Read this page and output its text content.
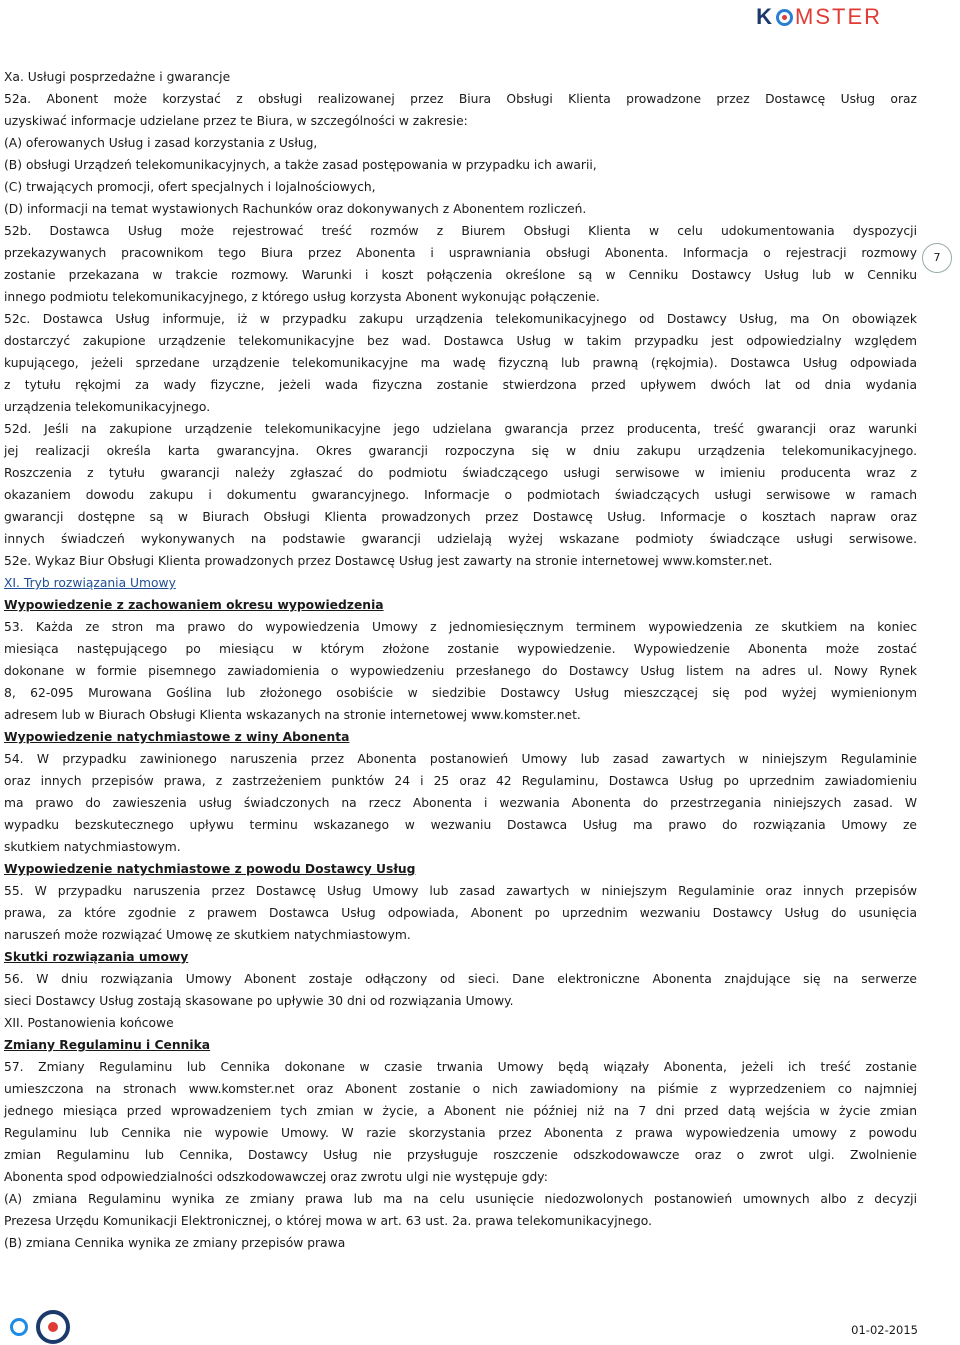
K MSTER
Xa. Usługi posprzedażne i gwarancje
52a. Abonent może korzystać z obsługi realizowanej przez Biura Obsługi Klienta prowadzone przez Dostawcę Usług oraz
uzyskiwać informacje udzielane przez te Biura, w szczególności w zakresie:
(A) oferowanych Usług i zasad korzystania z Usług,
(B) obsługi Urządzeń telekomunikacyjnych, a także zasad postępowania w przypadku ich awarii,
(C) trwających promocji, ofert specjalnych i lojalnościowych,
(D) informacji na temat wystawionych Rachunków oraz dokonywanych z Abonentem rozliczeń.
52b. Dostawca Usług może rejestrować treść rozmów z Biurem Obsługi Klienta w celu udokumentowania dyspozycji
przekazywanych pracownikom tego Biura przez Abonenta i usprawniania obsługi Abonenta. Informacja o rejestracji rozmowy
zostanie przekazana w trakcie rozmowy. Warunki i koszt połączenia określone są w Cenniku Dostawcy Usług lub w Cenniku
innego podmiotu telekomunikacyjnego, z którego usług korzysta Abonent wykonując połączenie.
52c. Dostawca Usług informuje, iż w przypadku zakupu urządzenia telekomunikacyjnego od Dostawcy Usług, ma On obowiązek
dostarczyć zakupione urządzenie telekomunikacyjne bez wad. Dostawca Usług w takim przypadku jest odpowiedzialny względem
kupującego, jeżeli sprzedane urządzenie telekomunikacyjne ma wadę fizyczną lub prawną (rękojmia). Dostawca Usług odpowiada
z tytułu rękojmi za wady fizyczne, jeżeli wada fizyczna zostanie stwierdzona przed upływem dwóch lat od dnia wydania
urządzenia telekomunikacyjnego.
52d. Jeśli na zakupione urządzenie telekomunikacyjne jego udzielana gwarancja przez producenta, treść gwarancji oraz warunki
jej realizacji określa karta gwarancyjna. Okres gwarancji rozpoczyna się w dniu zakupu urządzenia telekomunikacyjnego.
Roszczenia z tytułu gwarancji należy zgłaszać do podmiotu świadczącego usługi serwisowe w imieniu producenta wraz z
okazaniem dowodu zakupu i dokumentu gwarancyjnego. Informacje o podmiotach świadczących usługi serwisowe w ramach
gwarancji dostępne są w Biurach Obsługi Klienta prowadzonych przez Dostawcę Usług. Informacje o kosztach napraw oraz
innych świadczeń wykonywanych na podstawie gwarancji udzielają wyżej wskazane podmioty świadczące usługi serwisowe.
52e. Wykaz Biur Obsługi Klienta prowadzonych przez Dostawcę Usług jest zawarty na stronie internetowej www.komster.net.
XI. Tryb rozwiązania Umowy
Wypowiedzenie z zachowaniem okresu wypowiedzenia
53. Każda ze stron ma prawo do wypowiedzenia Umowy z jednomiesięcznym terminem wypowiedzenia ze skutkiem na koniec
miesiąca następującego po miesiącu w którym złożone zostanie wypowiedzenie. Wypowiedzenie Abonenta może zostać
dokonane w formie pisemnego zawiadomienia o wypowiedzeniu przesłanego do Dostawcy Usług listem na adres ul. Nowy Rynek
8, 62-095 Murowana Goślina lub złożonego osobiście w siedzibie Dostawcy Usług mieszczącej się pod wyżej wymienionym
adresem lub w Biurach Obsługi Klienta wskazanych na stronie internetowej www.komster.net.
Wypowiedzenie natychmiastowe z winy Abonenta
54. W przypadku zawinionego naruszenia przez Abonenta postanowień Umowy lub zasad zawartych w niniejszym Regulaminie
oraz innych przepisów prawa, z zastrzeżeniem punktów 24 i 25 oraz 42 Regulaminu, Dostawca Usług po uprzednim zawiadomieniu
ma prawo do zawieszenia usług świadczonych na rzecz Abonenta i wezwania Abonenta do przestrzegania niniejszych zasad. W
wypadku bezskutecznego upływu terminu wskazanego w wezwaniu Dostawca Usług ma prawo do rozwiązania Umowy ze
skutkiem natychmiastowym.
Wypowiedzenie natychmiastowe z powodu Dostawcy Usług
55. W przypadku naruszenia przez Dostawcę Usług Umowy lub zasad zawartych w niniejszym Regulaminie oraz innych przepisów
prawa, za które zgodnie z prawem Dostawca Usług odpowiada, Abonent po uprzednim wezwaniu Dostawcy Usług do usunięcia
naruszeń może rozwiązać Umowę ze skutkiem natychmiastowym.
Skutki rozwiązania umowy
56. W dniu rozwiązania Umowy Abonent zostaje odłączony od sieci. Dane elektroniczne Abonenta znajdujące się na serwerze
sieci Dostawcy Usług zostają skasowane po upływie 30 dni od rozwiązania Umowy.
XII. Postanowienia końcowe
Zmiany Regulaminu i Cennika
57. Zmiany Regulaminu lub Cennika dokonane w czasie trwania Umowy będą wiązały Abonenta, jeżeli ich treść zostanie
umieszczona na stronach www.komster.net oraz Abonent zostanie o nich zawiadomiony na piśmie z wyprzedzeniem co najmniej
jednego miesiąca przed wprowadzeniem tych zmian w życie, a Abonent nie później niż na 7 dni przed datą wejścia w życie zmian
Regulaminu lub Cennika nie wypowie Umowy. W razie skorzystania przez Abonenta z prawa wypowiedzenia umowy z powodu
zmian Regulaminu lub Cennika, Dostawcy Usług nie przysługuje roszczenie odszkodowawcze oraz o zwrot ulgi. Zwolnienie
Abonenta spod odpowiedzialności odszkodowawczej oraz zwrotu ulgi nie występuje gdy:
(A) zmiana Regulaminu wynika ze zmiany prawa lub ma na celu usunięcie niedozwolonych postanowień umownych albo z decyzji
Prezesa Urzędu Komunikacji Elektronicznej, o której mowa w art. 63 ust. 2a. prawa telekomunikacyjnego.
(B) zmiana Cennika wynika ze zmiany przepisów prawa
7
01-02-2015
